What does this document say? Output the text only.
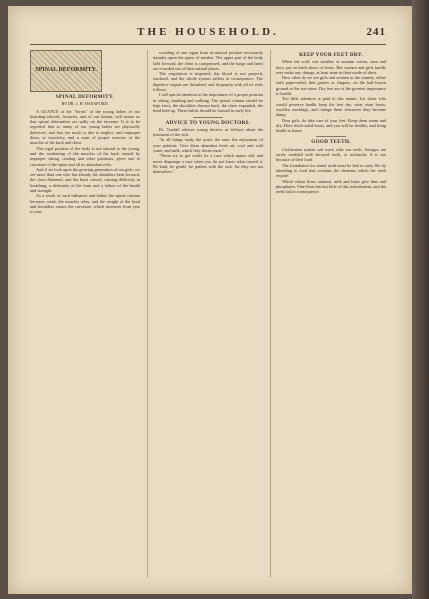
THE HOUSEHOLD.	241
SPINAL DEFORMITY.
SPINAL DEFORMITY.
BY DR. J. H. HANAFORD.

A GLANCE at the "forms" of the young ladies of our boarding-schools, factories, and of our homes, will assure us that spinal deformities are sadly on the increase. It is to be regretted that so many of our young ladies are physically defective, and that too much is due to neglect, and improper dress, to inactivity, and a want of proper exercise of the muscles of the back and chest.

This rigid position of the body is not natural to the young, and the weakening of the muscles of the back caused by improper sitting, reading and other positions, gives rise to curvature of the spine and all its attendant evils.

And if we look upon the growing generation of our girls, we see more than one who has already the shoulders bent forward, the chest flattened, and the back curved, causing difficulty in breathing, a deformity of the form and a failure of the health and strength.

As a result of such influence and habits the spinal column becomes weak, the muscles relax, and the weight of the head and shoulders causes the curvature, which increases from year to year.

scending of one organ from its natural position necessarily intrudes upon the space of another. The upper part of the body falls forward, the chest is compressed, and the lungs and heart are crowded out of their natural places.

The respiration is impaired, the blood is not properly oxidized, and the whole system suffers in consequence. The digestive organs are disturbed, and dyspepsia with all its evils follows.

I call special attention to the importance of a proper position in sitting, standing and walking. The spinal column should be kept erect, the shoulders thrown back, the chest expanded, the head held up. These habits should be formed in early life.

ADVICE TO YOUNG DOCTORS.

Dr. Tyndall advises young doctors as follows about the treatment of the sick:

"In all things study the quiet, the ease, the enjoyment of your patients. Give them abundant fresh air, cool and cold water, and milk, which they desire most."

"Never try to get credit for a cure which nature did, and never disparage a cure when you do not know what caused it. Be kind, be gentle, be patient with the sick, for they are not themselves."

KEEP YOUR FEET DRY.

When the cold, wet weather of autumn comes, men and boys put on thick shoes or boots. But women and girls hardly ever make any change, at least none in their mode of dress.

How often do we see girls and women in the country, either with paper-soled, thin gaiters or slippers, on the half-frozen ground or the wet snow. Dry feet are of the greatest importance to health.

Too little attention is paid to this matter. Let those who would preserve health keep the feet dry, wear stout boots, woollen stockings, and change them whenever they become damp.

Dear girls, do take care of your feet. Keep them warm and dry. Have thick-soled boots, and you will be healthy, and bring health to home.

GOOD TEETH.

Civilization makes sad work with our teeth. Savages are rarely troubled with decayed teeth, or toothache. It is not because of their food.

The foundation for sound teeth must be laid in early life by attending to food that contains the elements which the teeth require.

Whole wheat flour, oatmeal, milk and fruits give lime and phosphates. Fine flour has but little of this nourishment, and the teeth fail in consequence.
